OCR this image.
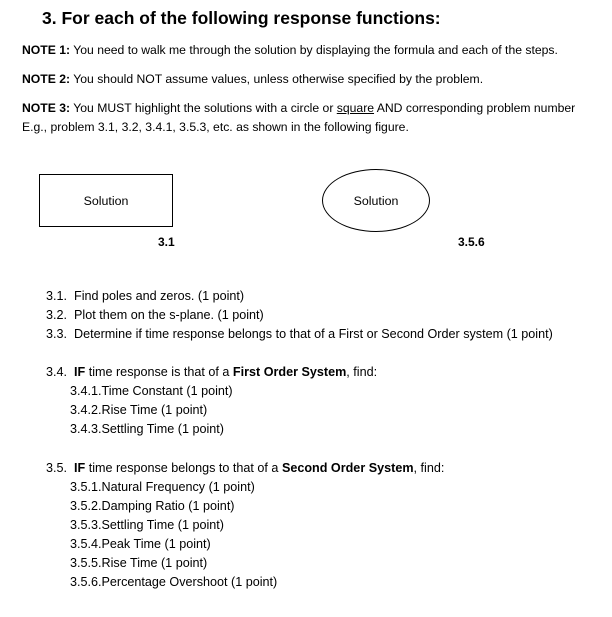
3. For each of the following response functions:
NOTE 1: You need to walk me through the solution by displaying the formula and each of the steps.
NOTE 2: You should NOT assume values, unless otherwise specified by the problem.
NOTE 3: You MUST highlight the solutions with a circle or square AND corresponding problem number
E.g., problem 3.1, 3.2, 3.4.1, 3.5.3, etc. as shown in the following figure.
Solution
3.1
Solution
3.5.6
3.1. Find poles and zeros. (1 point)
3.2. Plot them on the s-plane. (1 point)
3.3. Determine if time response belongs to that of a First or Second Order system (1 point)
3.4. IF time response is that of a First Order System, find:
3.4.1.Time Constant (1 point)
3.4.2.Rise Time (1 point)
3.4.3.Settling Time (1 point)
3.5. IF time response belongs to that of a Second Order System, find:
3.5.1.Natural Frequency (1 point)
3.5.2.Damping Ratio (1 point)
3.5.3.Settling Time (1 point)
3.5.4.Peak Time (1 point)
3.5.5.Rise Time (1 point)
3.5.6.Percentage Overshoot (1 point)
